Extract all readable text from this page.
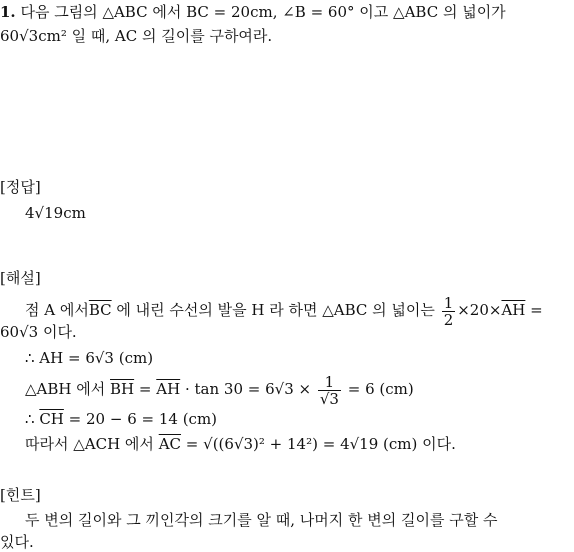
1. 다음 그림의 △ABC 에서 BC = 20cm, ∠B = 60° 이고 △ABC 의 넓이가
60√3cm² 일 때, AC 의 길이를 구하여라.
[정답]
4√19cm
[해설]
점 A 에서$\overline{BC}$ 에 내린 수선의 발을 H 라 하면 △ABC 의 넓이는 $\frac{1}{2} \times 20\times\overline{AH}$ =
60√3 이다.
∴ AH = 6√3 (cm)
△ABH 에서 $\overline{BH} = \overline{AH} \cdot \tan 30 = 6√3 \times \frac{1}{√3} = 6$ (cm)
∴ $\overline{CH} = 20 - 6 = 14$ (cm)
따라서 △ACH 에서 $\overline{AC} = √((6√3)^2 + 14^2) = 4√19$ (cm) 이다.
[힌트]
두 변의 길이와 그 끼인각의 크기를 알 때, 나머지 한 변의 길이를 구할 수
있다.
